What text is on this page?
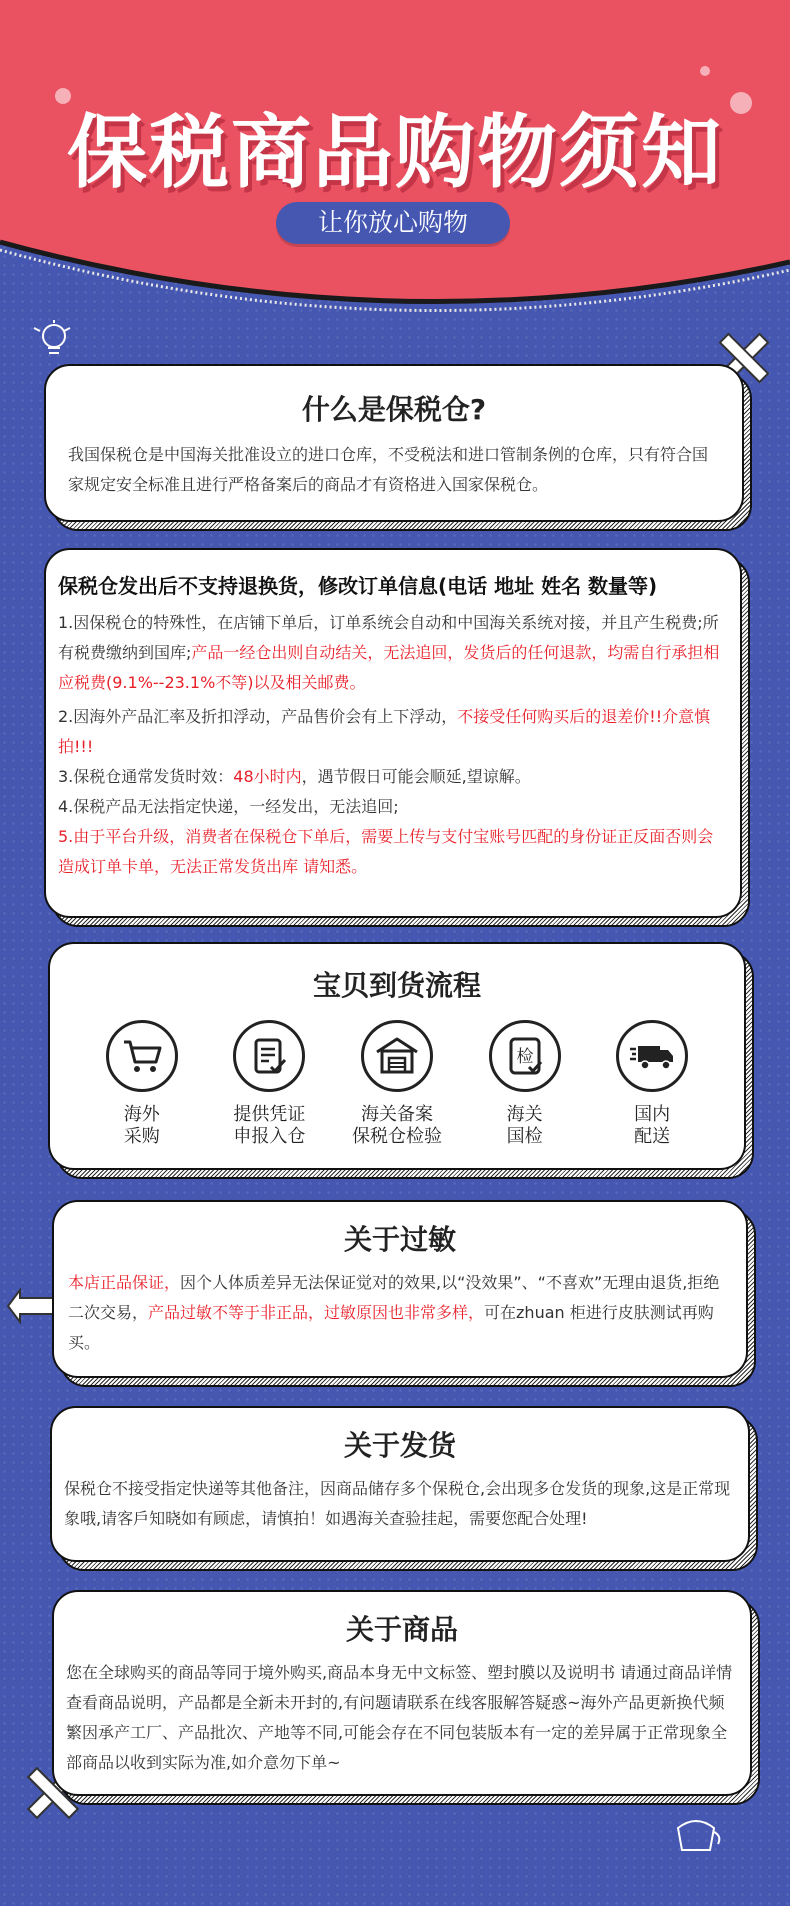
保税商品购物须知
让你放心购物
什么是保税仓?
我国保税仓是中国海关批准设立的进口仓库，不受税法和进口管制条例的仓库，只有符合国家规定安全标准且进行严格备案后的商品才有资格进入国家保税仓。
保税仓发出后不支持退换货，修改订单信息(电话 地址 姓名 数量等)
1.因保税仓的特殊性，在店铺下单后，订单系统会自动和中国海关系统对接，并且产生税费;所有税费缴纳到国库;产品一经仓出则自动结关，无法追回，发货后的任何退款，均需自行承担相应税费(9.1%--23.1%不等)以及相关邮费。
2.因海外产品汇率及折扣浮动，产品售价会有上下浮动，不接受任何购买后的退差价!!介意慎拍!!!
3.保税仓通常发货时效：48小时内，遇节假日可能会顺延,望谅解。
4.保税产品无法指定快递，一经发出，无法追回;
5.由于平台升级，消费者在保税仓下单后，需要上传与支付宝账号匹配的身份证正反面否则会造成订单卡单，无法正常发货出库 请知悉。
宝贝到货流程
海外
采购
提供凭证
申报入仓
海关备案
保税仓检验
检
海关
国检
国内
配送
关于过敏
本店正品保证，因个人体质差异无法保证觉对的效果,以“没效果”、“不喜欢”无理由退货,拒绝二次交易，产品过敏不等于非正品，过敏原因也非常多样，可在zhuan 柜进行皮肤测试再购买。
关于发货
保税仓不接受指定快递等其他备注，因商品储存多个保税仓,会出现多仓发货的现象,这是正常现象哦,请客戶知晓如有顾虑，请慎拍！如遇海关查验挂起，需要您配合处理!
关于商品
您在全球购买的商品等同于境外购买,商品本身无中文标签、塑封膜以及说明书 请通过商品详情查看商品说明，产品都是全新未开封的,有问题请联系在线客服解答疑惑~海外产品更新换代频繁因承产工厂、产品批次、产地等不同,可能会存在不同包装版本有一定的差异属于正常现象全部商品以收到实际为准,如介意勿下单~
